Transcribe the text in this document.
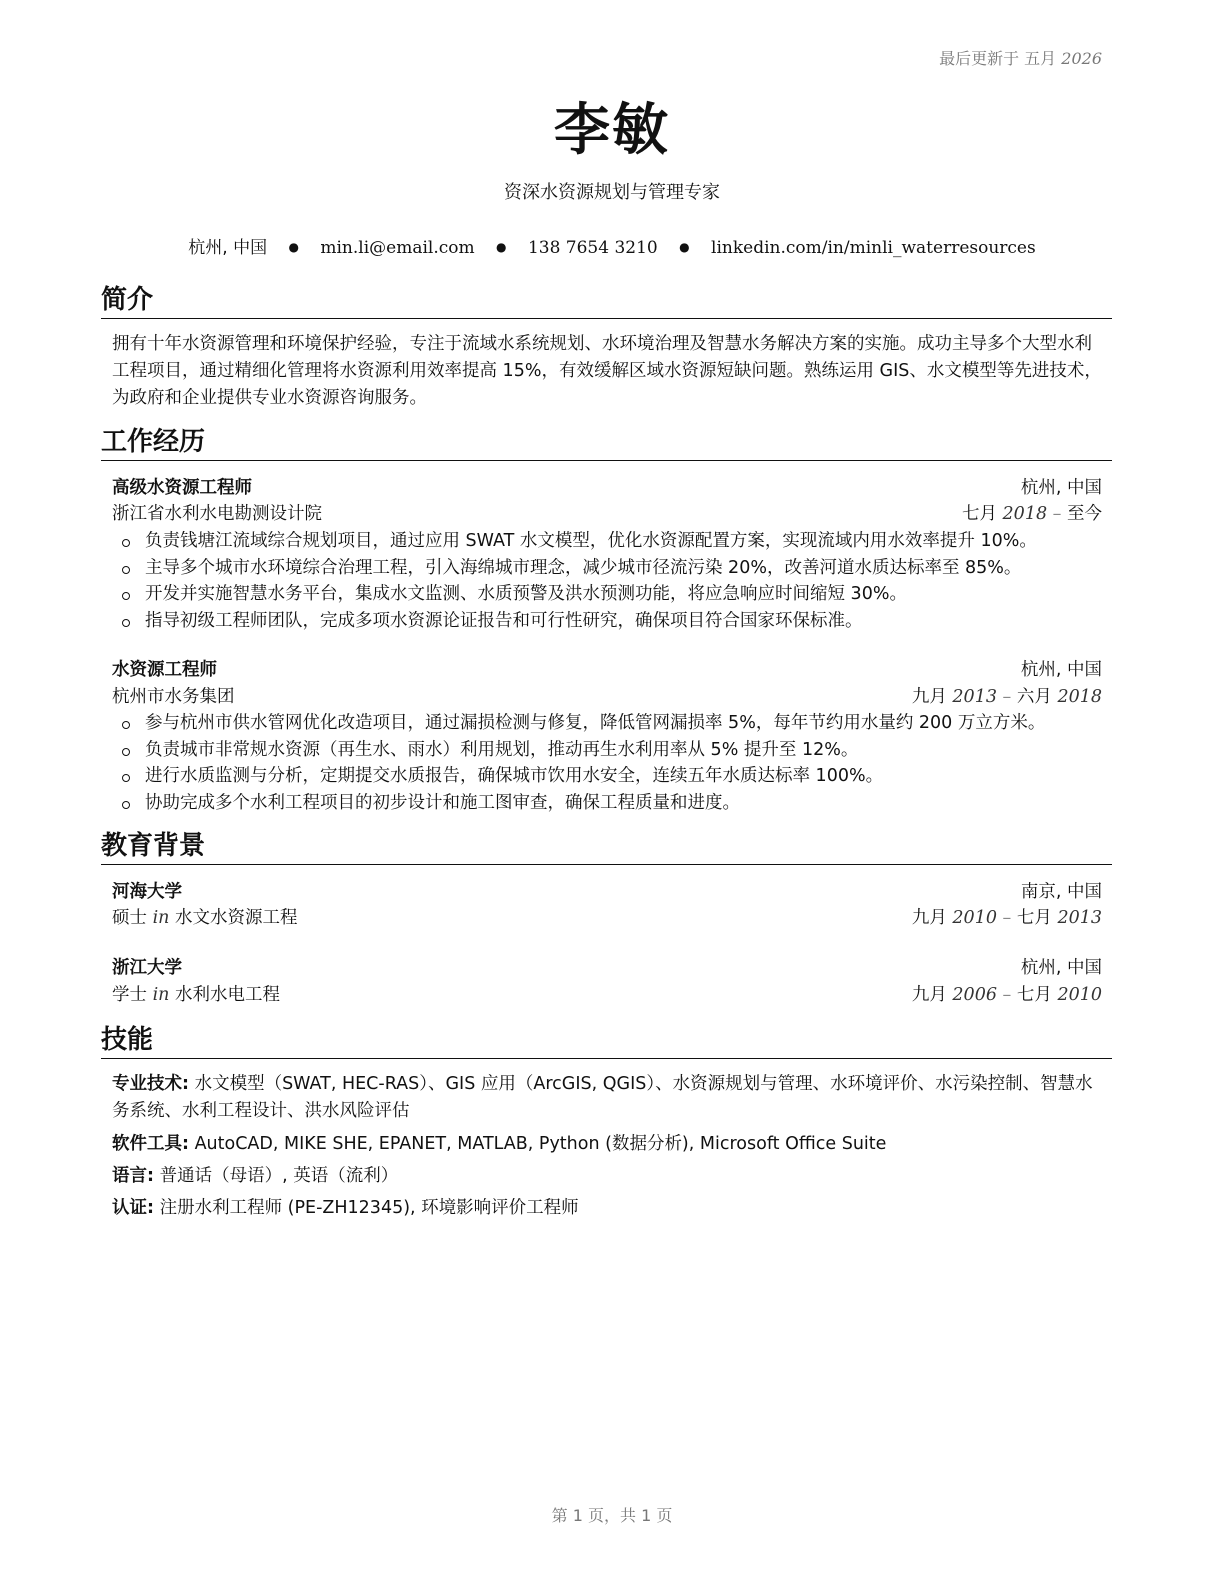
最后更新于 五月 2026
李敏
资深水资源规划与管理专家
杭州, 中国 ● min.li@email.com ● 138 7654 3210 ● linkedin.com/in/minli_waterresources
简介
拥有十年水资源管理和环境保护经验，专注于流域水系统规划、水环境治理及智慧水务解决方案的实施。成功主导多个大型水利工程项目，通过精细化管理将水资源利用效率提高 15%，有效缓解区域水资源短缺问题。熟练运用 GIS、水文模型等先进技术，为政府和企业提供专业水资源咨询服务。
工作经历
高级水资源工程师	杭州, 中国
浙江省水利水电勘测设计院	七月 2018 – 至今
负责钱塘江流域综合规划项目，通过应用 SWAT 水文模型，优化水资源配置方案，实现流域内用水效率提升 10%。
主导多个城市水环境综合治理工程，引入海绵城市理念，减少城市径流污染 20%，改善河道水质达标率至 85%。
开发并实施智慧水务平台，集成水文监测、水质预警及洪水预测功能，将应急响应时间缩短 30%。
指导初级工程师团队，完成多项水资源论证报告和可行性研究，确保项目符合国家环保标准。
水资源工程师	杭州, 中国
杭州市水务集团	九月 2013 – 六月 2018
参与杭州市供水管网优化改造项目，通过漏损检测与修复，降低管网漏损率 5%，每年节约用水量约 200 万立方米。
负责城市非常规水资源（再生水、雨水）利用规划，推动再生水利用率从 5% 提升至 12%。
进行水质监测与分析，定期提交水质报告，确保城市饮用水安全，连续五年水质达标率 100%。
协助完成多个水利工程项目的初步设计和施工图审查，确保工程质量和进度。
教育背景
河海大学	南京, 中国
硕士 in 水文水资源工程	九月 2010 – 七月 2013
浙江大学	杭州, 中国
学士 in 水利水电工程	九月 2006 – 七月 2010
技能
专业技术: 水文模型（SWAT, HEC-RAS）、GIS 应用（ArcGIS, QGIS）、水资源规划与管理、水环境评价、水污染控制、智慧水务系统、水利工程设计、洪水风险评估
软件工具: AutoCAD, MIKE SHE, EPANET, MATLAB, Python (数据分析), Microsoft Office Suite
语言: 普通话（母语）, 英语（流利）
认证: 注册水利工程师 (PE-ZH12345), 环境影响评价工程师
第 1 页，共 1 页
